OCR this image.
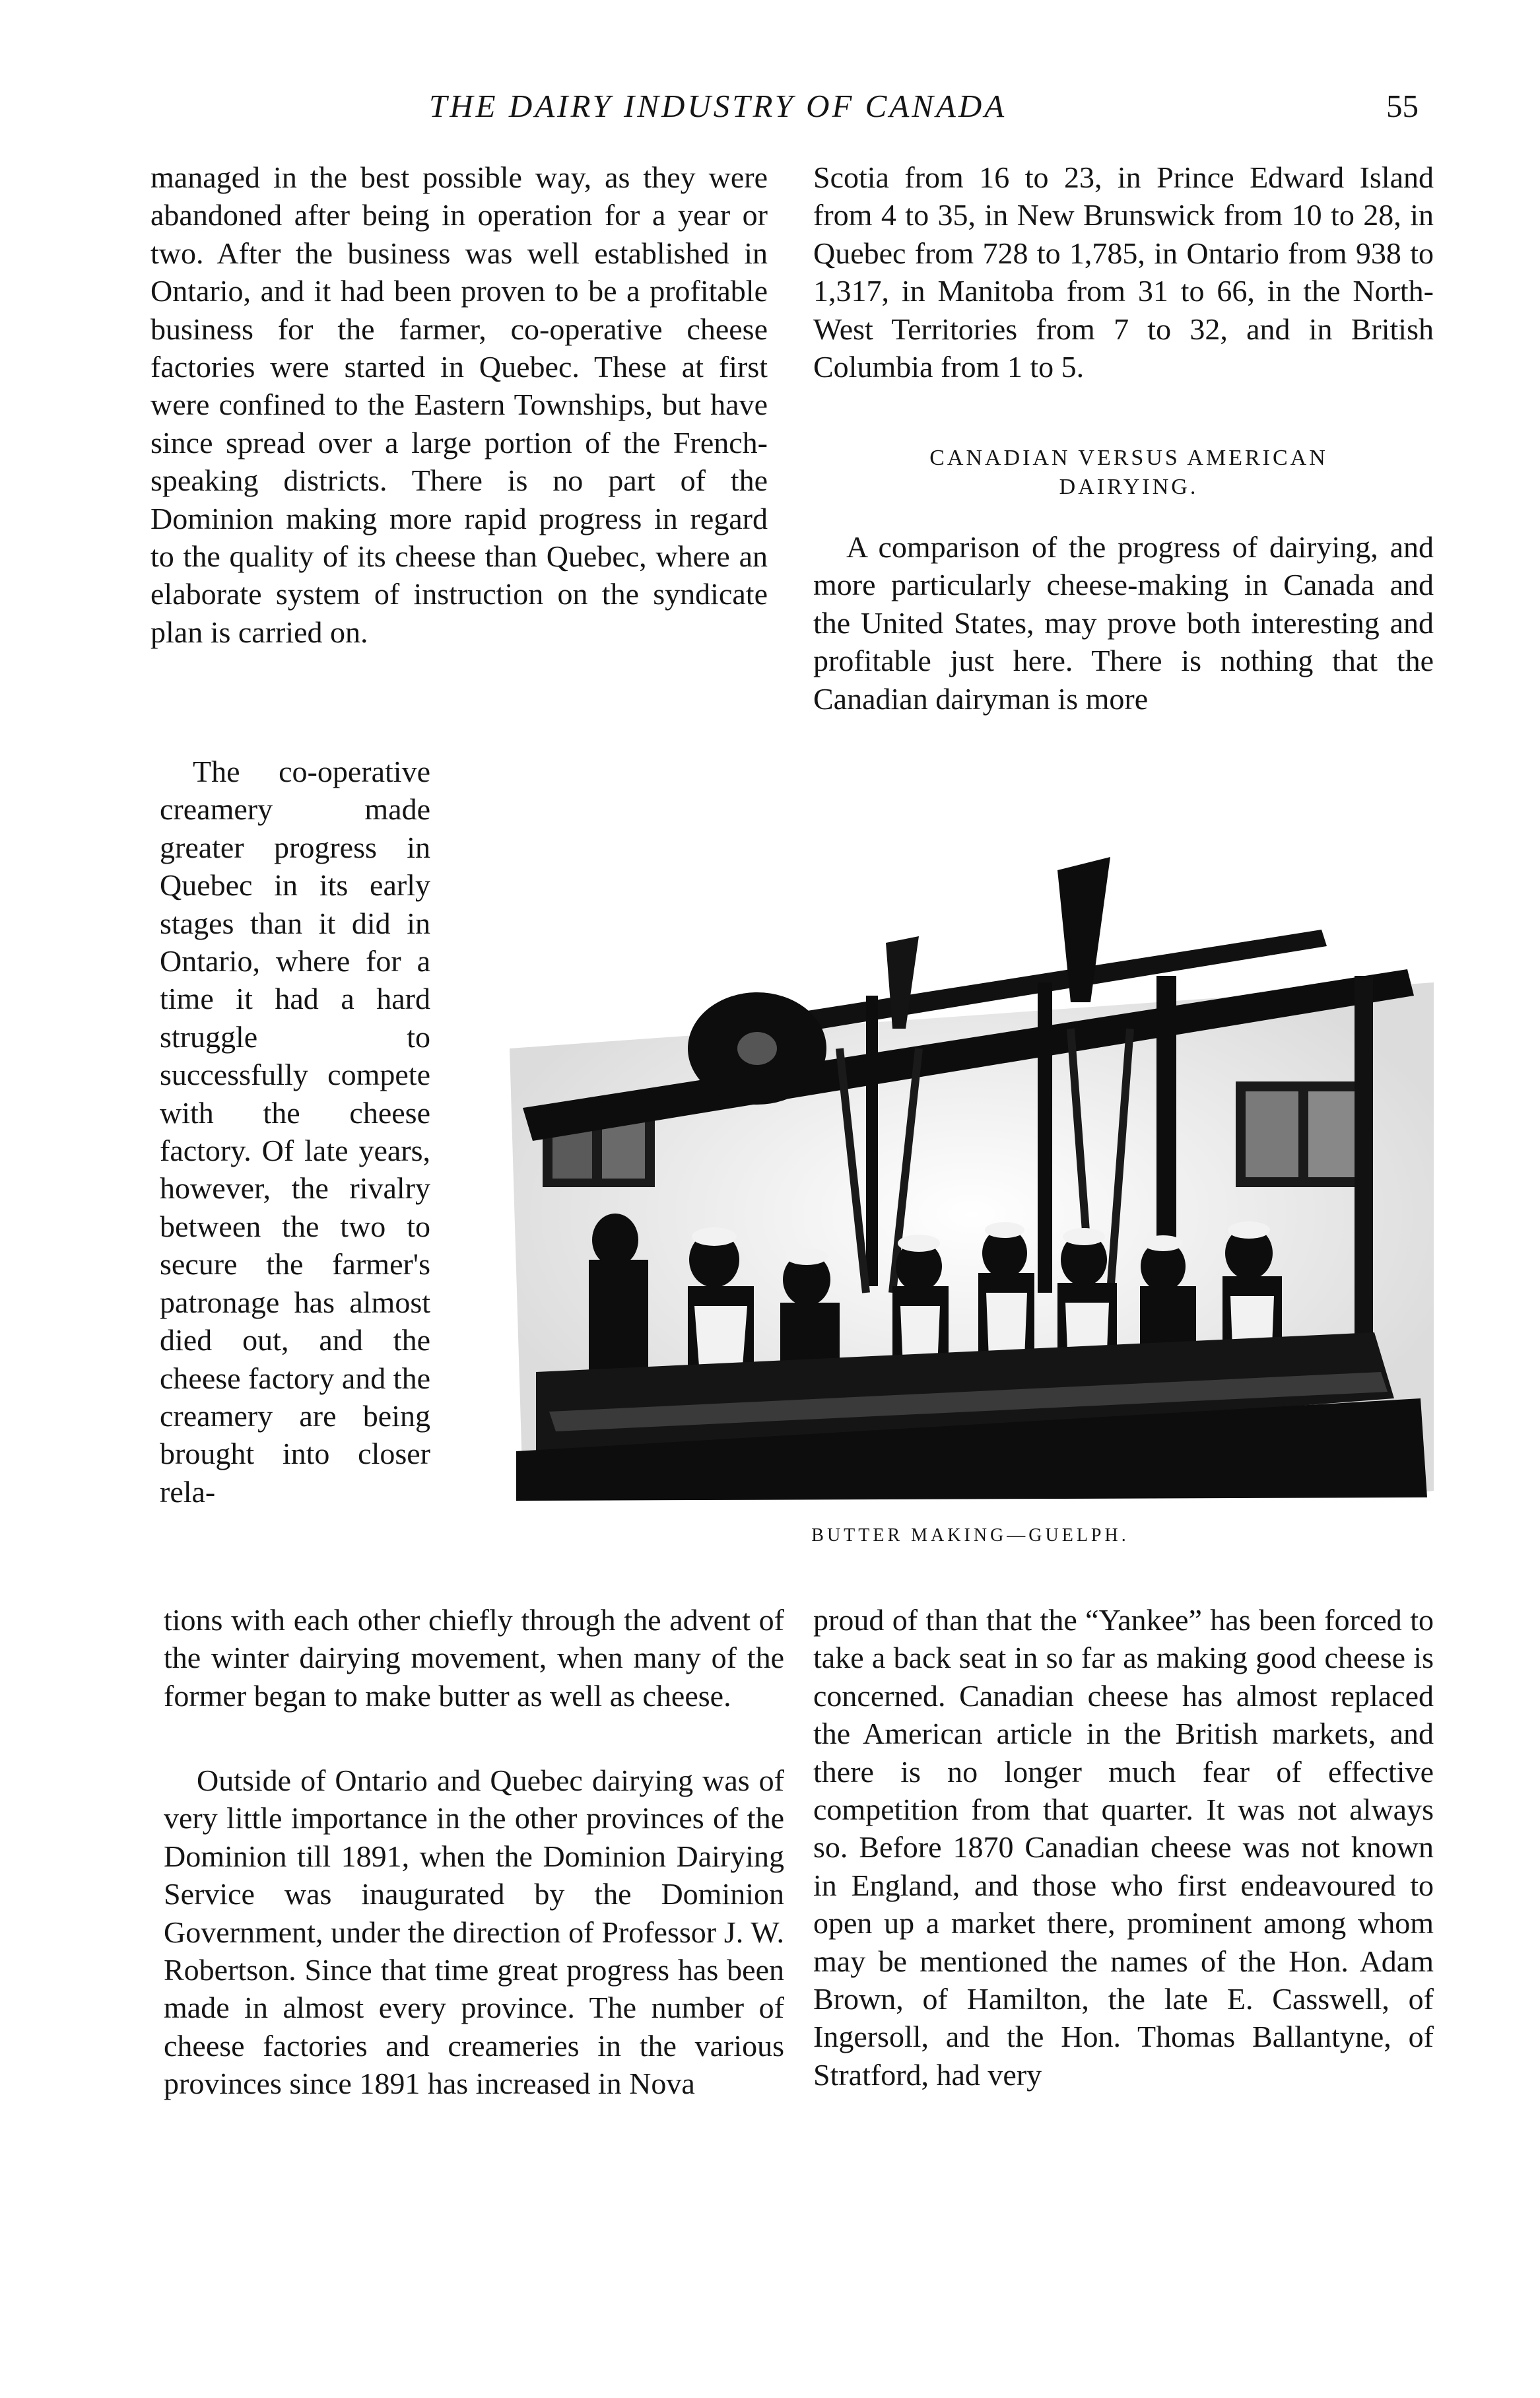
THE DAIRY INDUSTRY OF CANADA	55

managed in the best possible way, as they were abandoned after being in operation for a year or two. After the business was well established in Ontario, and it had been proven to be a profitable business for the farmer, co-operative cheese factories were started in Quebec. These at first were confined to the Eastern Townships, but have since spread over a large portion of the French-speaking districts. There is no part of the Dominion making more rapid progress in regard to the quality of its cheese than Quebec, where an elaborate system of instruction on the syndicate plan is carried on.

The co-operative creamery made greater progress in Quebec in its early stages than it did in Ontario, where for a time it had a hard struggle to successfully compete with the cheese factory. Of late years, however, the rivalry between the two to secure the farmer's patronage has almost died out, and the cheese factory and the creamery are being brought into closer rela-

tions with each other chiefly through the advent of the winter dairying movement, when many of the former began to make butter as well as cheese.

Outside of Ontario and Quebec dairying was of very little importance in the other provinces of the Dominion till 1891, when the Dominion Dairying Service was inaugurated by the Dominion Government, under the direction of Professor J. W. Robertson. Since that time great progress has been made in almost every province. The number of cheese factories and creameries in the various provinces since 1891 has increased in Nova

Scotia from 16 to 23, in Prince Edward Island from 4 to 35, in New Brunswick from 10 to 28, in Quebec from 728 to 1,785, in Ontario from 938 to 1,317, in Manitoba from 31 to 66, in the North-West Territories from 7 to 32, and in British Columbia from 1 to 5.

CANADIAN VERSUS AMERICAN
DAIRYING.

A comparison of the progress of dairying, and more particularly cheese-making in Canada and the United States, may prove both interesting and profitable just here. There is nothing that the Canadian dairyman is more

BUTTER MAKING—GUELPH.

proud of than that the “Yankee” has been forced to take a back seat in so far as making good cheese is concerned. Canadian cheese has almost replaced the American article in the British markets, and there is no longer much fear of effective competition from that quarter. It was not always so. Before 1870 Canadian cheese was not known in England, and those who first endeavoured to open up a market there, prominent among whom may be mentioned the names of the Hon. Adam Brown, of Hamilton, the late E. Casswell, of Ingersoll, and the Hon. Thomas Ballantyne, of Stratford, had very
